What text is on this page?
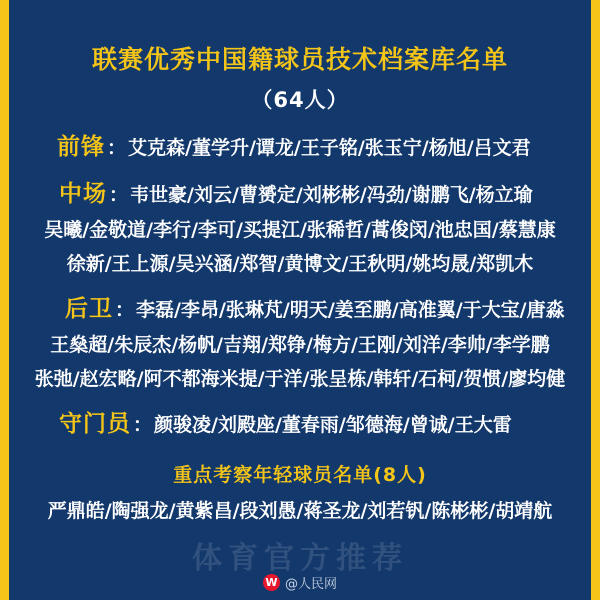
联赛优秀中国籍球员技术档案库名单
（64人）
前锋 ： 艾克森/董学升/谭龙/王子铭/张玉宁/杨旭/吕文君
中场 ： 韦世豪/刘云/曹赟定/刘彬彬/冯劲/谢鹏飞/杨立瑜
吴曦/金敬道/李行/李可/买提江/张稀哲/蒿俊闵/池忠国/蔡慧康
徐新/王上源/吴兴涵/郑智/黄博文/王秋明/姚均晟/郑凯木
后卫 ： 李磊/李昂/张琳芃/明天/姜至鹏/高准翼/于大宝/唐淼
王燊超/朱辰杰/杨帆/吉翔/郑铮/梅方/王刚/刘洋/李帅/李学鹏
张弛/赵宏略/阿不都海米提/于洋/张呈栋/韩轩/石柯/贺惯/廖均健
守门员 ： 颜骏凌/刘殿座/董春雨/邹德海/曾诚/王大雷
重点考察年轻球员名单(8人)
严鼎皓/陶强龙/黄紫昌/段刘愚/蒋圣龙/刘若钒/陈彬彬/胡靖航
体育官方推荐
W @人民网
